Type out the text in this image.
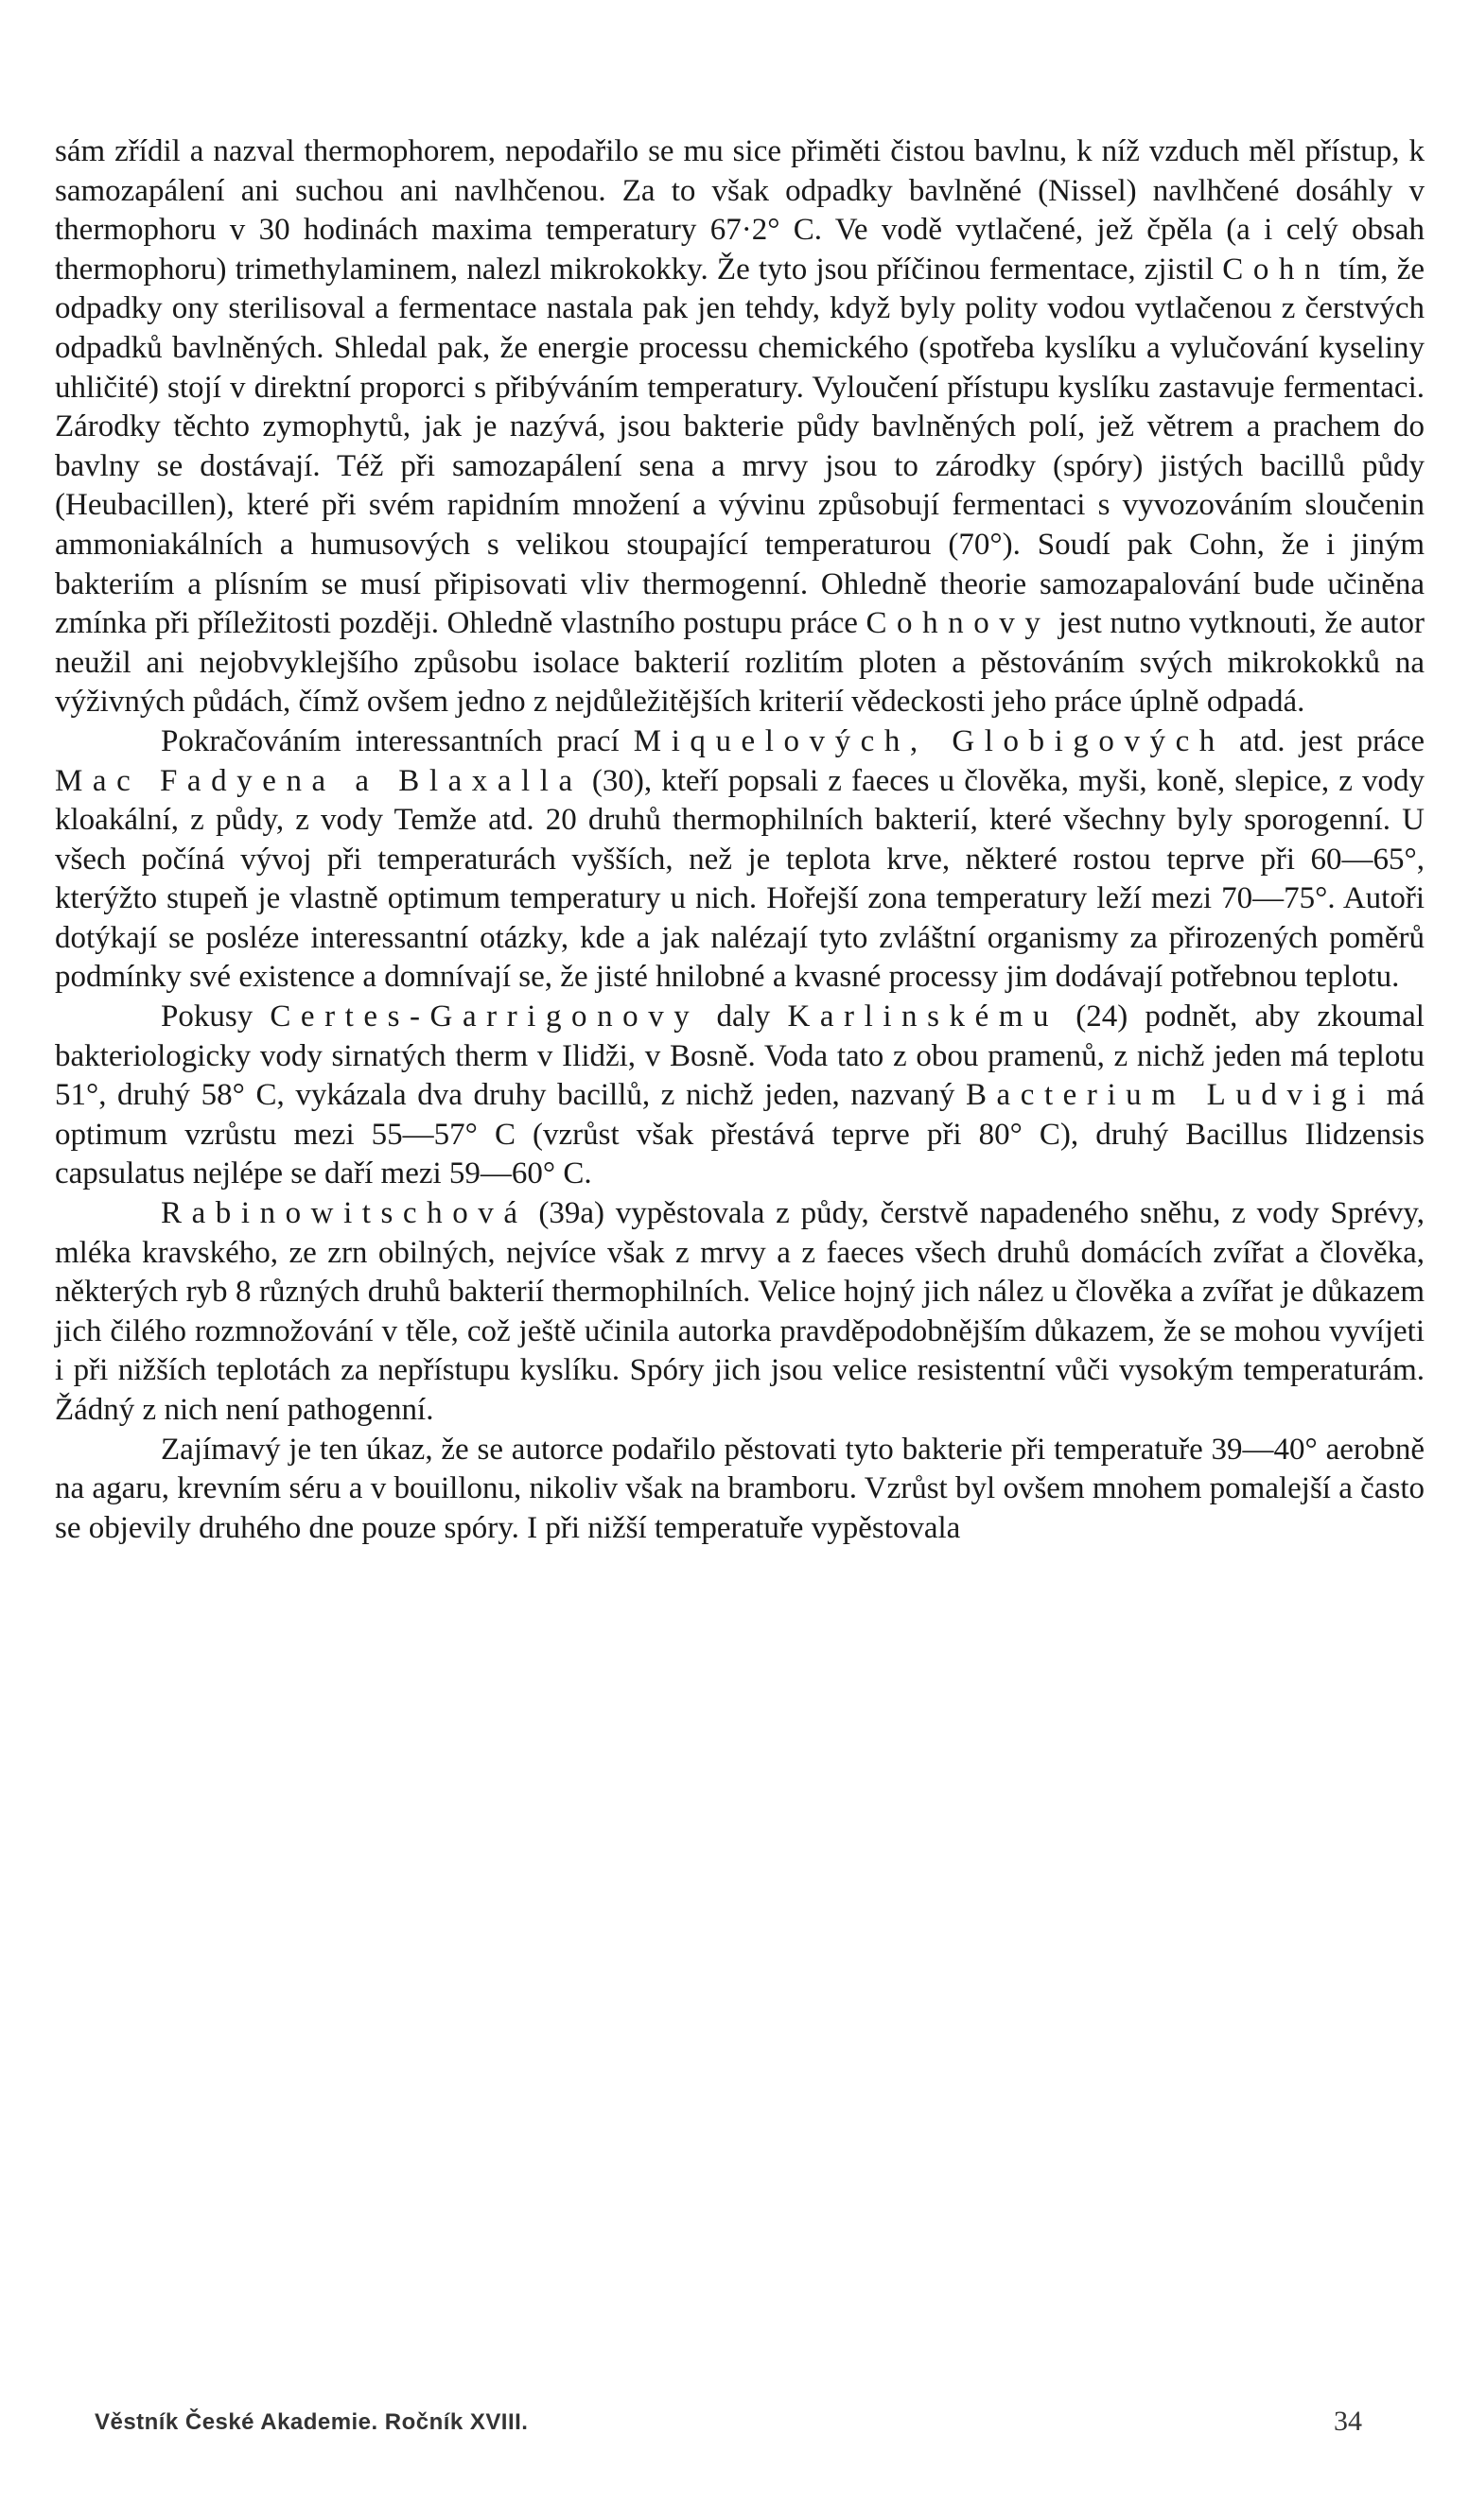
sám zřídil a nazval thermophorem, nepodařilo se mu sice přiměti čistou bavlnu, k níž vzduch měl přístup, k samozapálení ani suchou ani navlhčenou. Za to však odpadky bavlněné (Nissel) navlhčené dosáhly v thermophoru v 30 hodinách maxima temperatury 67·2° C. Ve vodě vytlačené, jež čpěla (a i celý obsah thermophoru) trimethylaminem, nalezl mikrokokky. Že tyto jsou příčinou fermentace, zjistil Cohn tím, že odpadky ony sterilisoval a fermentace nastala pak jen tehdy, když byly polity vodou vytlačenou z čerstvých odpadků bavlněných. Shledal pak, že energie processu chemického (spotřeba kyslíku a vylučování kyseliny uhličité) stojí v direktní proporci s přibýváním temperatury. Vyloučení přístupu kyslíku zastavuje fermentaci. Zárodky těchto zymophytů, jak je nazývá, jsou bakterie půdy bavlněných polí, jež větrem a prachem do bavlny se dostávají. Též při samozapálení sena a mrvy jsou to zárodky (spóry) jistých bacillů půdy (Heubacillen), které při svém rapidním množení a vývinu způsobují fermentaci s vyvozováním sloučenin ammoniakálních a humusových s velikou stoupající temperaturou (70°). Soudí pak Cohn, že i jiným bakteriím a plísním se musí připisovati vliv thermogenní. Ohledně theorie samozapalování bude učiněna zmínka při příležitosti později. Ohledně vlastního postupu práce Cohnovy jest nutno vytknouti, že autor neužil ani nejobvyklejšího způsobu isolace bakterií rozlitím ploten a pěstováním svých mikrokokků na výživných půdách, čímž ovšem jedno z nejdůležitějších kriterií vědeckosti jeho práce úplně odpadá.

Pokračováním interessantních prací Miquelových, Globigových atd. jest práce Mac Fadyena a Blaxalla (30), kteří popsali z faeces u člověka, myši, koně, slepice, z vody kloakální, z půdy, z vody Temže atd. 20 druhů thermophilních bakterií, které všechny byly sporogenní. U všech počíná vývoj při temperaturách vyšších, než je teplota krve, některé rostou teprve při 60—65°, kterýžto stupeň je vlastně optimum temperatury u nich. Hořejší zona temperatury leží mezi 70—75°. Autoři dotýkají se posléze interessantní otázky, kde a jak nalézají tyto zvláštní organismy za přirozených poměrů podmínky své existence a domnívají se, že jisté hnilobné a kvasné processy jim dodávají potřebnou teplotu.

Pokusy Certes-Garrigonovy daly Karlinskému (24) podnět, aby zkoumal bakteriologicky vody sirnatých therm v Ilidži, v Bosně. Voda tato z obou pramenů, z nichž jeden má teplotu 51°, druhý 58° C, vykázala dva druhy bacillů, z nichž jeden, nazvaný Bacterium Ludvigi má optimum vzrůstu mezi 55—57° C (vzrůst však přestává teprve při 80° C), druhý Bacillus Ilidzensis capsulatus nejlépe se daří mezi 59—60° C.

Rabinowitschová (39a) vypěstovala z půdy, čerstvě napadeného sněhu, z vody Sprévy, mléka kravského, ze zrn obilných, nejvíce však z mrvy a z faeces všech druhů domácích zvířat a člověka, některých ryb 8 různých druhů bakterií thermophilních. Velice hojný jich nález u člověka a zvířat je důkazem jich čilého rozmnožování v těle, což ještě učinila autorka pravděpodobnějším důkazem, že se mohou vyvíjeti i při nižších teplotách za nepřístupu kyslíku. Spóry jich jsou velice resistentní vůči vysokým temperaturám. Žádný z nich není pathogenní.

Zajímavý je ten úkaz, že se autorce podařilo pěstovati tyto bakterie při temperatuře 39—40° aerobně na agaru, krevním séru a v bouillonu, nikoliv však na bramboru. Vzrůst byl ovšem mnohem pomalejší a často se objevily druhého dne pouze spóry. I při nižší temperatuře vypěstovala

Věstník České Akademie. Ročník XVIII.	34
